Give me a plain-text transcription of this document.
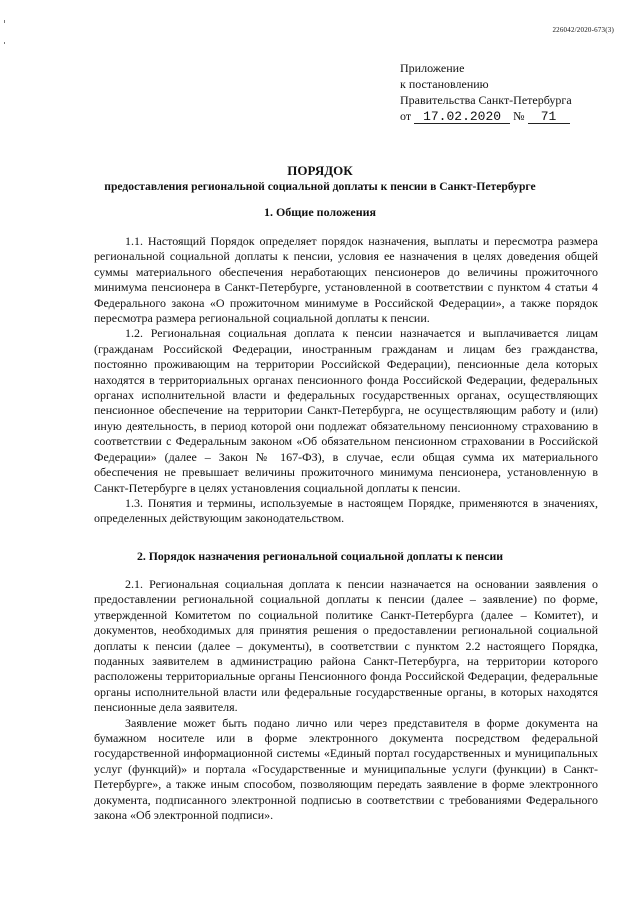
226042/2020-673(3)
Приложение
к постановлению
Правительства Санкт-Петербурга
от 17.02.2020 № 71
ПОРЯДОК
предоставления региональной социальной доплаты к пенсии в Санкт-Петербурге
1. Общие положения

1.1. Настоящий Порядок определяет порядок назначения, выплаты и пересмотра размера региональной социальной доплаты к пенсии, условия ее назначения в целях доведения общей суммы материального обеспечения неработающих пенсионеров до величины прожиточного минимума пенсионера в Санкт-Петербурге, установленной в соответствии с пунктом 4 статьи 4 Федерального закона «О прожиточном минимуме в Российской Федерации», а также порядок пересмотра размера региональной социальной доплаты к пенсии.

1.2. Региональная социальная доплата к пенсии назначается и выплачивается лицам (гражданам Российской Федерации, иностранным гражданам и лицам без гражданства, постоянно проживающим на территории Российской Федерации), пенсионные дела которых находятся в территориальных органах пенсионного фонда Российской Федерации, федеральных органах исполнительной власти и федеральных государственных органах, осуществляющих пенсионное обеспечение на территории Санкт-Петербурга, не осуществляющим работу и (или) иную деятельность, в период которой они подлежат обязательному пенсионному страхованию в соответствии с Федеральным законом «Об обязательном пенсионном страховании в Российской Федерации» (далее – Закон № 167-ФЗ), в случае, если общая сумма их материального обеспечения не превышает величины прожиточного минимума пенсионера, установленную в Санкт-Петербурге в целях установления социальной доплаты к пенсии.

1.3. Понятия и термины, используемые в настоящем Порядке, применяются в значениях, определенных действующим законодательством.

2. Порядок назначения региональной социальной доплаты к пенсии

2.1. Региональная социальная доплата к пенсии назначается на основании заявления о предоставлении региональной социальной доплаты к пенсии (далее – заявление) по форме, утвержденной Комитетом по социальной политике Санкт-Петербурга (далее – Комитет), и документов, необходимых для принятия решения о предоставлении региональной социальной доплаты к пенсии (далее – документы), в соответствии с пунктом 2.2 настоящего Порядка, поданных заявителем в администрацию района Санкт-Петербурга, на территории которого расположены территориальные органы Пенсионного фонда Российской Федерации, федеральные органы исполнительной власти или федеральные государственные органы, в которых находятся пенсионные дела заявителя.

Заявление может быть подано лично или через представителя в форме документа на бумажном носителе или в форме электронного документа посредством федеральной государственной информационной системы «Единый портал государственных и муниципальных услуг (функций)» и портала «Государственные и муниципальные услуги (функции) в Санкт-Петербурге», а также иным способом, позволяющим передать заявление в форме электронного документа, подписанного электронной подписью в соответствии с требованиями Федерального закона «Об электронной подписи».
